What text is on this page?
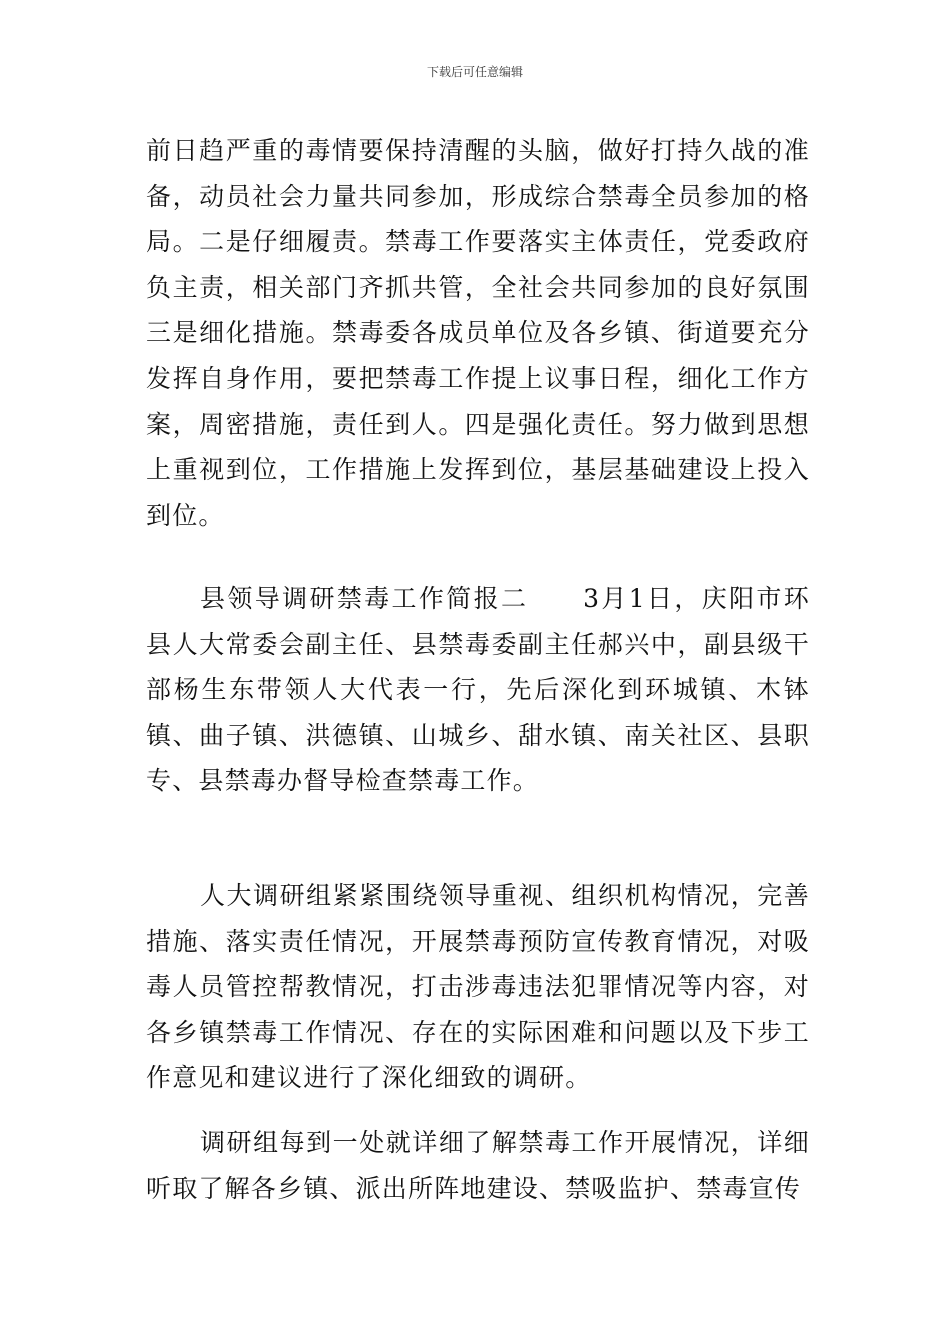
下载后可任意编辑

前日趋严重的毒情要保持清醒的头脑，做好打持久战的准备，动员社会力量共同参加，形成综合禁毒全员参加的格局。二是仔细履责。禁毒工作要落实主体责任，党委政府负主责，相关部门齐抓共管，全社会共同参加的良好氛围三是细化措施。禁毒委各成员单位及各乡镇、街道要充分发挥自身作用，要把禁毒工作提上议事日程，细化工作方案，周密措施，责任到人。四是强化责任。努力做到思想上重视到位，工作措施上发挥到位，基层基础建设上投入到位。

县领导调研禁毒工作简报二　　3月1日，庆阳市环县人大常委会副主任、县禁毒委副主任郝兴中，副县级干部杨生东带领人大代表一行，先后深化到环城镇、木钵镇、曲子镇、洪德镇、山城乡、甜水镇、南关社区、县职专、县禁毒办督导检查禁毒工作。

人大调研组紧紧围绕领导重视、组织机构情况，完善措施、落实责任情况，开展禁毒预防宣传教育情况，对吸毒人员管控帮教情况，打击涉毒违法犯罪情况等内容，对各乡镇禁毒工作情况、存在的实际困难和问题以及下步工作意见和建议进行了深化细致的调研。

调研组每到一处就详细了解禁毒工作开展情况，详细听取了解各乡镇、派出所阵地建设、禁吸监护、禁毒宣传
